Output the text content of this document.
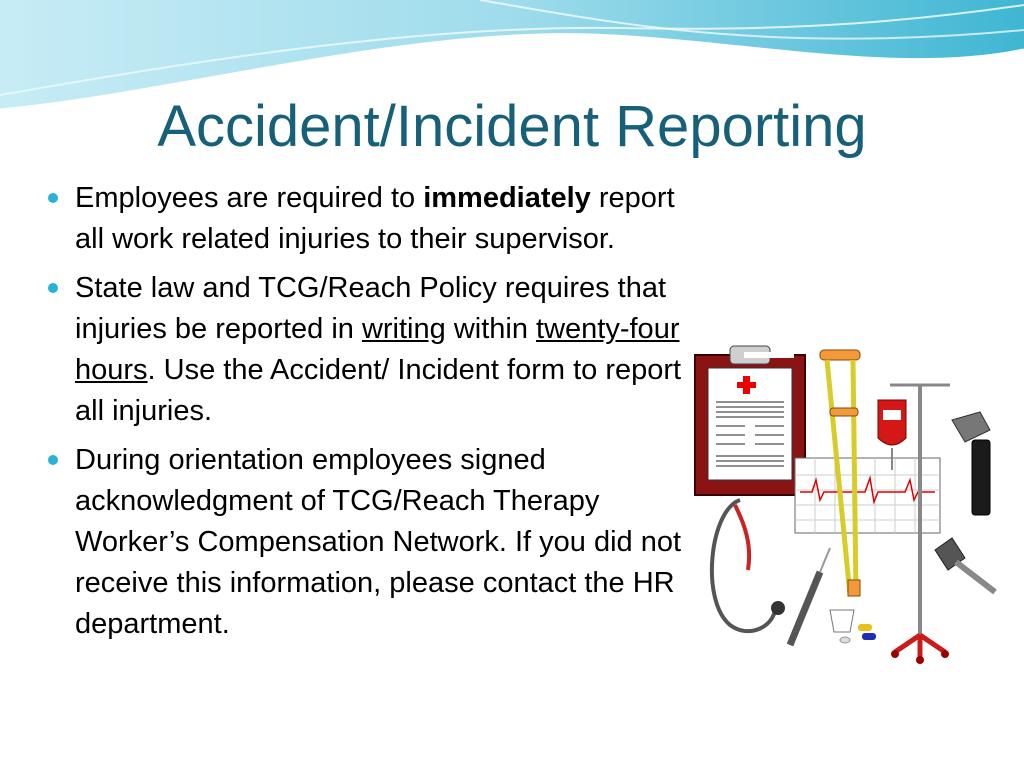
Accident/Incident Reporting
Employees are required to immediately report all work related injuries to their supervisor.
State law and TCG/Reach Policy requires that injuries be reported in writing within twenty-four hours. Use the Accident/ Incident form to report all injuries.
During orientation employees signed acknowledgment of TCG/Reach Therapy Worker’s Compensation Network. If you did not receive this information, please contact the HR department.
